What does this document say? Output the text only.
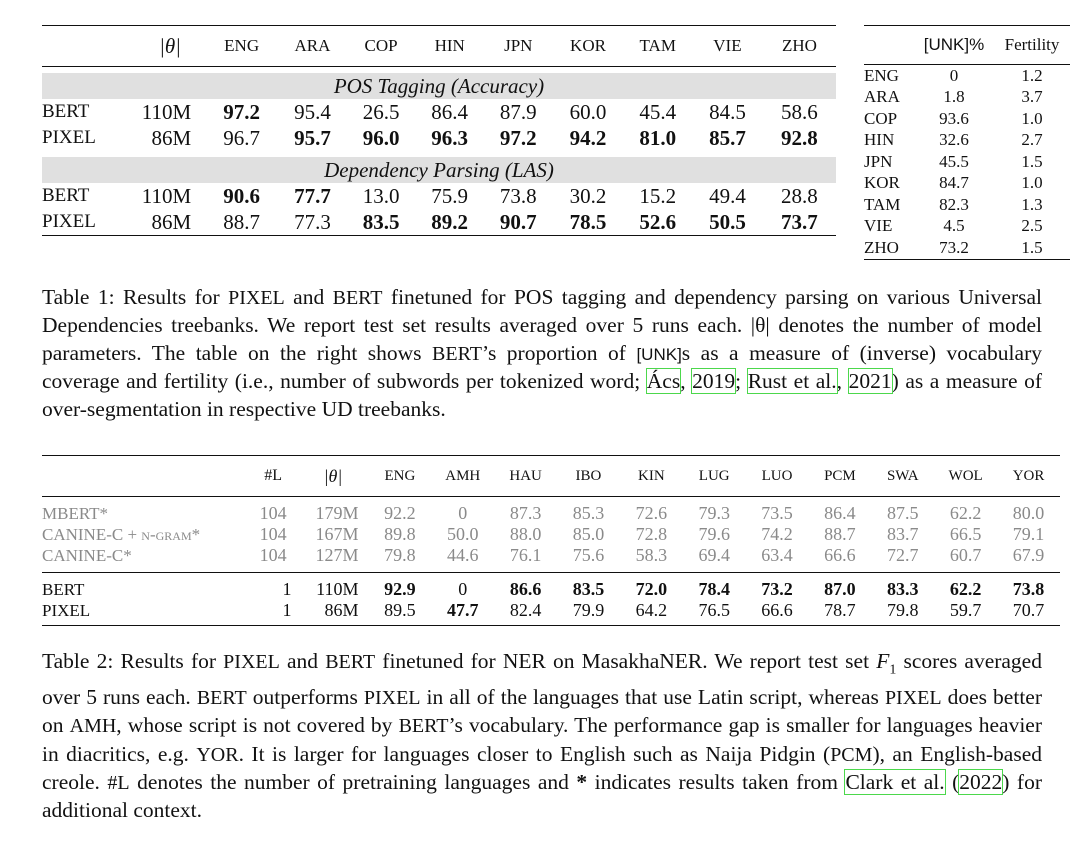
	|θ|	ENG	ARA	COP	HIN	JPN	KOR	TAM	VIE	ZHO

POS Tagging (Accuracy)										
BERT	110M	97.2	95.4	26.5	86.4	87.9	60.0	45.4	84.5	58.6
PIXEL	86M	96.7	95.7	96.0	96.3	97.2	94.2	81.0	85.7	92.8

Dependency Parsing (LAS)										
BERT	110M	90.6	77.7	13.0	75.9	73.8	30.2	15.2	49.4	28.8
PIXEL	86M	88.7	77.3	83.5	89.2	90.7	78.5	52.6	50.5	73.7
	[UNK]%	Fertility
ENG	0	1.2
ARA	1.8	3.7
COP	93.6	1.0
HIN	32.6	2.7
JPN	45.5	1.5
KOR	84.7	1.0
TAM	82.3	1.3
VIE	4.5	2.5
ZHO	73.2	1.5
Table 1: Results for PIXEL and BERT finetuned for POS tagging and dependency parsing on various Universal Dependencies treebanks. We report test set results averaged over 5 runs each. |θ| denotes the number of model parameters. The table on the right shows BERT’s proportion of [UNK]s as a measure of (inverse) vocabulary coverage and fertility (i.e., number of subwords per tokenized word; Ács, 2019; Rust et al., 2021) as a measure of over-segmentation in respective UD treebanks.
	#L	|θ|	ENG	AMH	HAU	IBO	KIN	LUG	LUO	PCM	SWA	WOL	YOR

MBERT*	104	179M	92.2	0	87.3	85.3	72.6	79.3	73.5	86.4	87.5	62.2	80.0
CANINE-C + n-gram*	104	167M	89.8	50.0	88.0	85.0	72.8	79.6	74.2	88.7	83.7	66.5	79.1
CANINE-C*	104	127M	79.8	44.6	76.1	75.6	58.3	69.4	63.4	66.6	72.7	60.7	67.9

BERT	1	110M	92.9	0	86.6	83.5	72.0	78.4	73.2	87.0	83.3	62.2	73.8
PIXEL	1	86M	89.5	47.7	82.4	79.9	64.2	76.5	66.6	78.7	79.8	59.7	70.7
Table 2: Results for PIXEL and BERT finetuned for NER on MasakhaNER. We report test set $F_1$ scores averaged over 5 runs each. BERT outperforms PIXEL in all of the languages that use Latin script, whereas PIXEL does better on AMH, whose script is not covered by BERT’s vocabulary. The performance gap is smaller for languages heavier in diacritics, e.g. YOR. It is larger for languages closer to English such as Naija Pidgin (PCM), an English-based creole. #L denotes the number of pretraining languages and * indicates results taken from Clark et al. (2022) for additional context.
